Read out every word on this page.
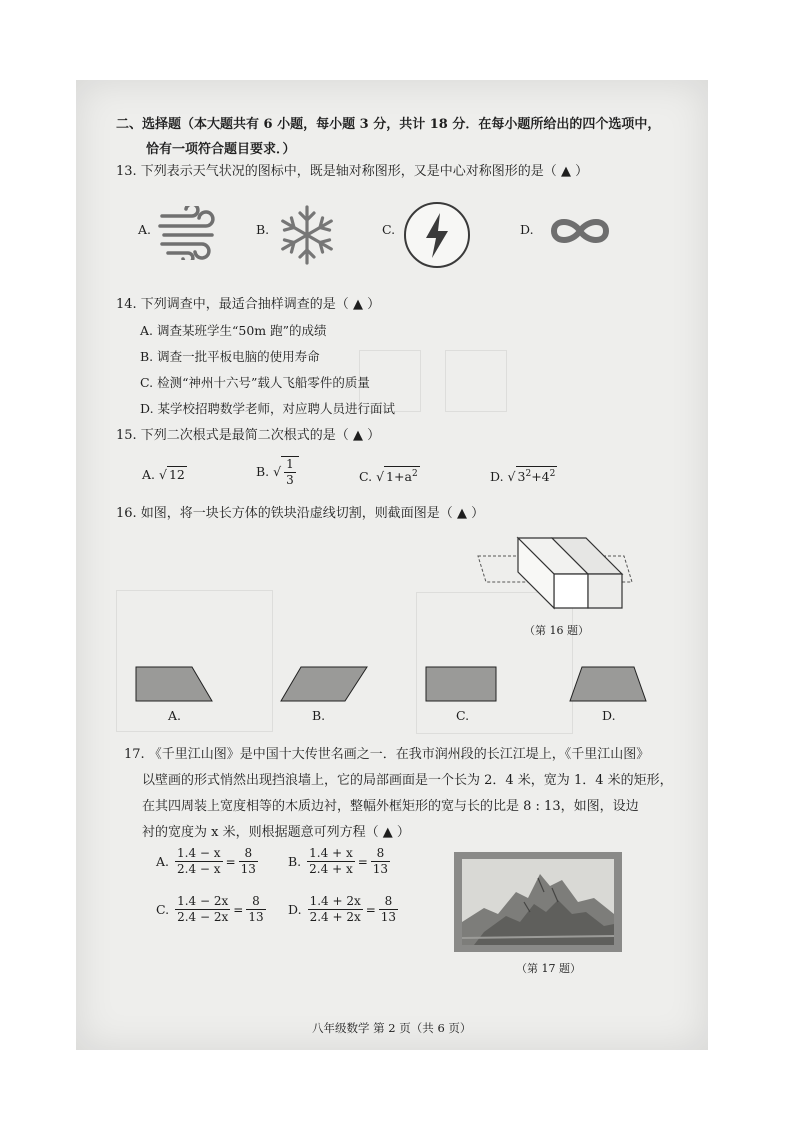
二、选择题（本大题共有 6 小题，每小题 3 分，共计 18 分．在每小题所给出的四个选项中，
恰有一项符合题目要求．）
13. 下列表示天气状况的图标中，既是轴对称图形，又是中心对称图形的是（ ▲ ）
A.	B.	C.	D.
14. 下列调查中，最适合抽样调查的是（ ▲ ）
A. 调查某班学生“50m 跑”的成绩
B. 调查一批平板电脑的使用寿命
C. 检测“神州十六号”载人飞船零件的质量
D. 某学校招聘数学老师，对应聘人员进行面试
15. 下列二次根式是最简二次根式的是（ ▲ ）
A. √ 12	B. √ $\frac{1}{3}$	C. √ $1+a^2$	D. √ $3^2+4^2$
16. 如图，将一块长方体的铁块沿虚线切割，则截面图是（ ▲ ）
（第 16 题）
A.	B.	C.	D.
17. 《千里江山图》是中国十大传世名画之一．在我市润州段的长江江堤上，《千里江山图》
以壁画的形式悄然出现挡浪墙上，它的局部画面是一个长为 2．4 米，宽为 1．4 米的矩形，
在其四周装上宽度相等的木质边衬，整幅外框矩形的宽与长的比是 8 : 13，如图，设边
衬的宽度为 x 米，则根据题意可列方程（ ▲ ）
A. $\frac{1.4 - x}{2.4 - x} = \frac{8}{13} B$. $\frac{1.4 + x}{2.4 + x} = \frac{8}{13}$
C. $\frac{1.4 - 2x}{2.4 - 2x} = \frac{8}{13} D$. $\frac{1.4 + 2x}{2.4 + 2x} = \frac{8}{13}$
（第 17 题）
八年级数学 第 2 页（共 6 页）
